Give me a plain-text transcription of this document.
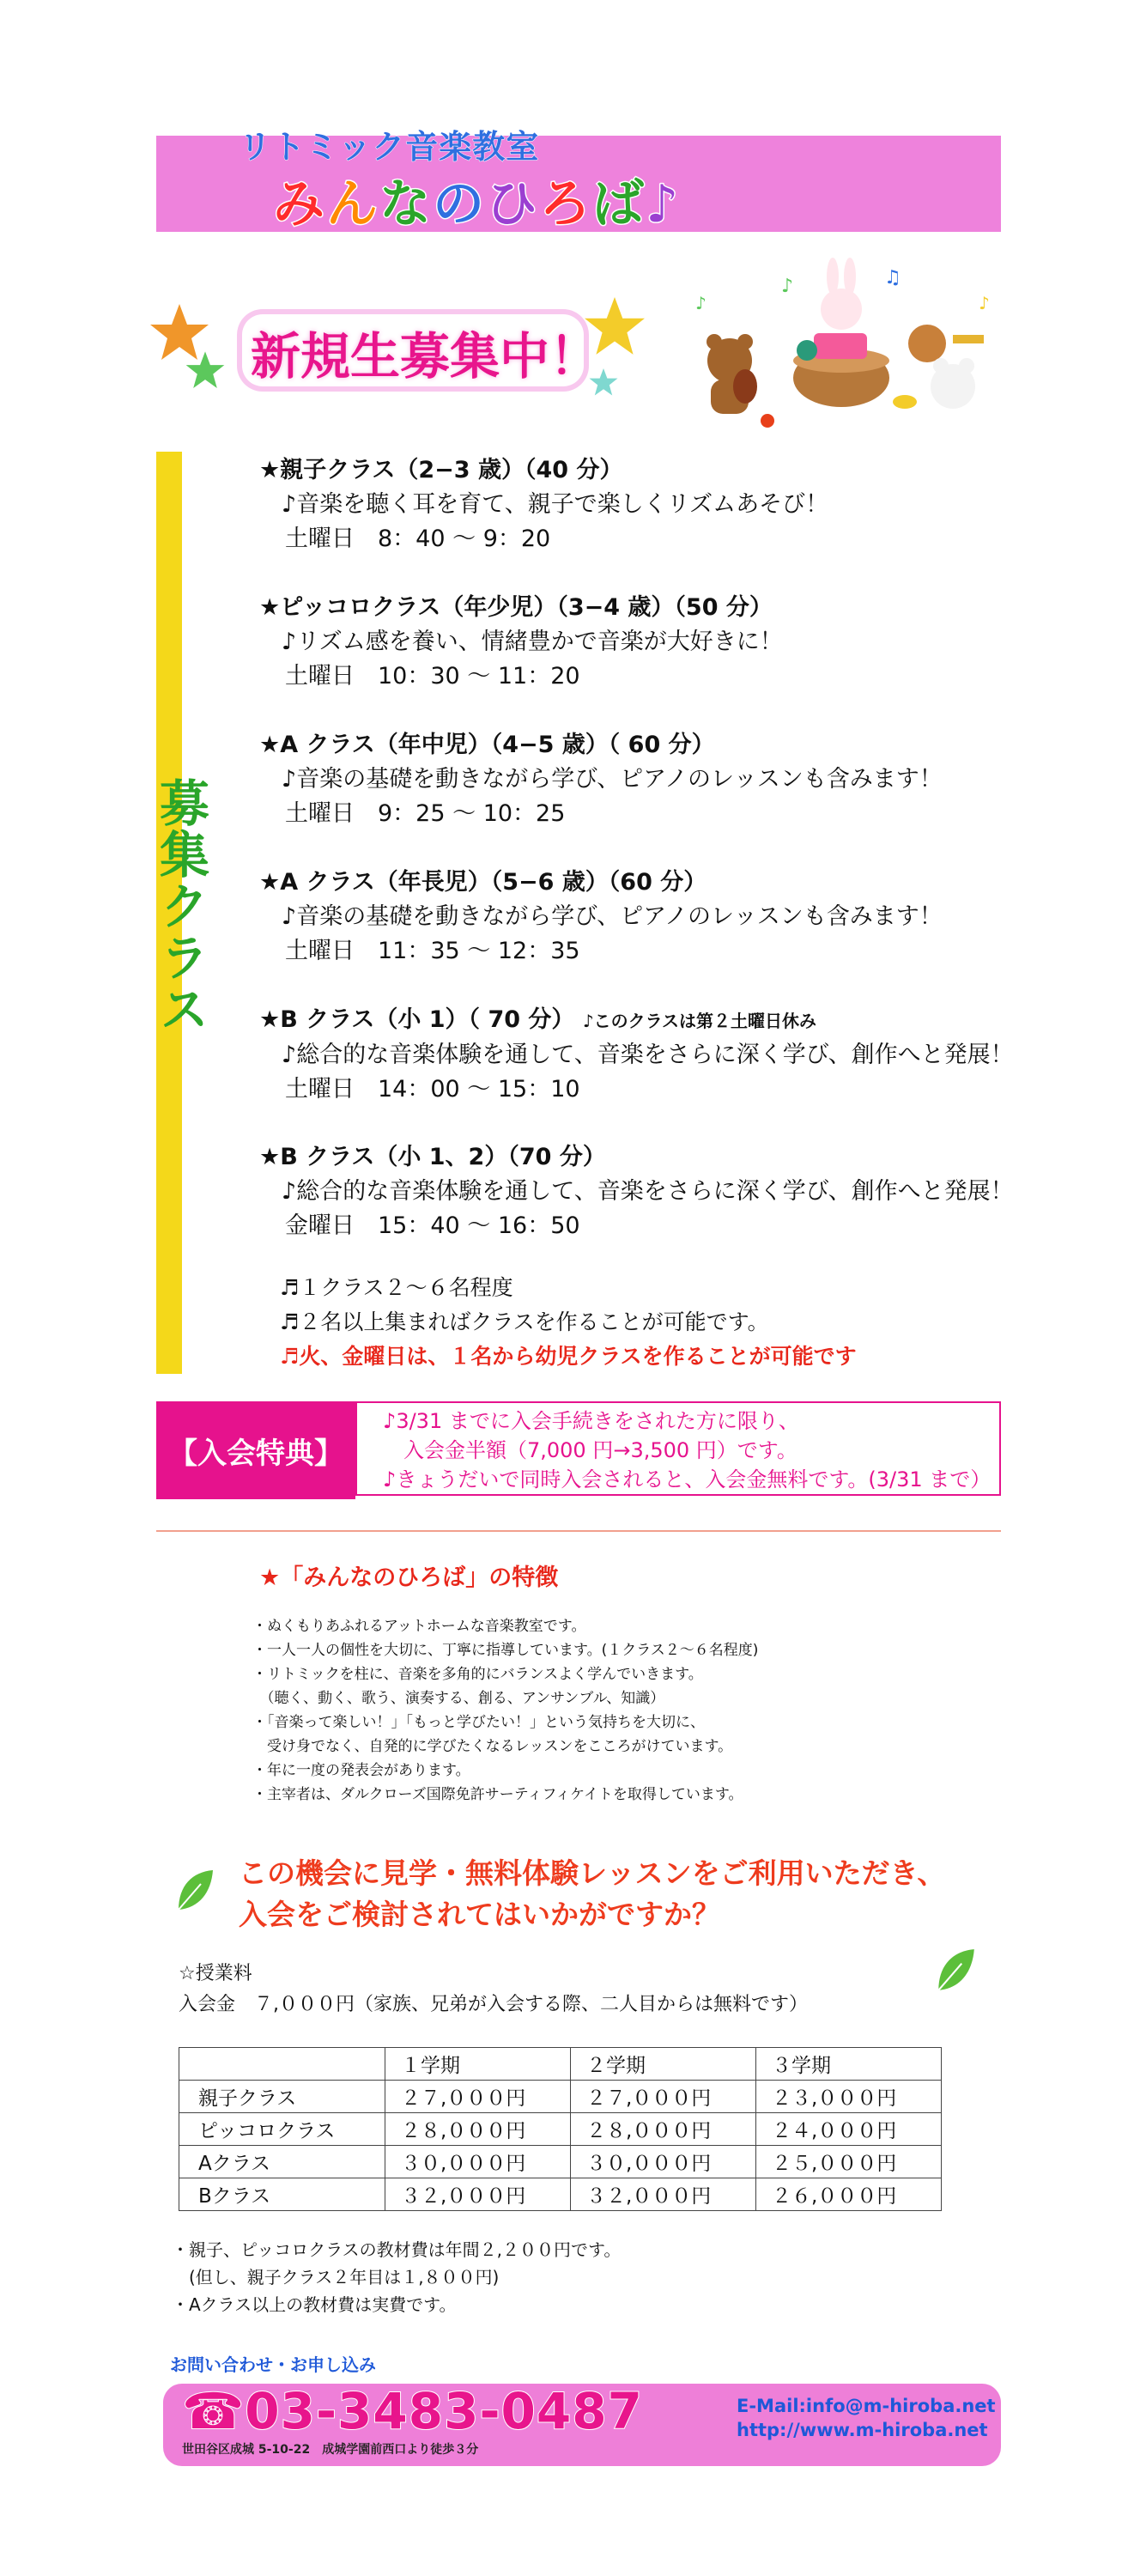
リトミック音楽教室
みんなのひろば♪
新規生募集中！
♪	♫
♪	♪
募集クラス
★親子クラス（2−3 歳）（40 分）
♪音楽を聴く耳を育て、親子で楽しくリズムあそび！
土曜日　8：40 〜 9：20
★ピッコロクラス（年少児）（3−4 歳）（50 分）
♪リズム感を養い、情緒豊かで音楽が大好きに！
土曜日　10：30 〜 11：20
★A クラス（年中児）（4−5 歳）（ 60 分）
♪音楽の基礎を動きながら学び、ピアノのレッスンも含みます！
土曜日　9：25 〜 10：25
★A クラス（年長児）（5−6 歳）（60 分）
♪音楽の基礎を動きながら学び、ピアノのレッスンも含みます！
土曜日　11：35 〜 12：35
★B クラス（小 1）（ 70 分） ♪このクラスは第２土曜日休み
♪総合的な音楽体験を通して、音楽をさらに深く学び、創作へと発展！
土曜日　14：00 〜 15：10
★B クラス（小 1、2）（70 分）
♪総合的な音楽体験を通して、音楽をさらに深く学び、創作へと発展！
金曜日　15：40 〜 16：50
♬１クラス２〜６名程度
♬２名以上集まればクラスを作ることが可能です。
♬火、金曜日は、１名から幼児クラスを作ることが可能です
【入会特典】
♪3/31 までに入会手続きをされた方に限り、
　入会金半額（7,000 円→3,500 円）です。
♪きょうだいで同時入会されると、入会金無料です。(3/31 まで）
★「みんなのひろば」の特徴
・ぬくもりあふれるアットホームな音楽教室です。
・一人一人の個性を大切に、丁寧に指導しています。(１クラス２〜６名程度)
・リトミックを柱に、音楽を多角的にバランスよく学んでいきます。
　（聴く、動く、歌う、演奏する、創る、アンサンブル、知識）
・「音楽って楽しい！」「もっと学びたい！」という気持ちを大切に、
　受け身でなく、自発的に学びたくなるレッスンをこころがけています。
・年に一度の発表会があります。
・主宰者は、ダルクローズ国際免許サーティフィケイトを取得しています。
この機会に見学・無料体験レッスンをご利用いただき、
入会をご検討されてはいかがですか？
☆授業料
入会金　７,０００円（家族、兄弟が入会する際、二人目からは無料です）
	１学期	２学期	３学期
親子クラス	２７,０００円	２７,０００円	２３,０００円
ピッコロクラス	２８,０００円	２８,０００円	２４,０００円
Aクラス	３０,０００円	３０,０００円	２５,０００円
Bクラス	３２,０００円	３２,０００円	２６,０００円
・親子、ピッコロクラスの教材費は年間２,２００円です。
　(但し、親子クラス２年目は１,８００円)
・Aクラス以上の教材費は実費です。
お問い合わせ・お申し込み
☎03-3483-0487
世田谷区成城 5-10-22　成城学園前西口より徒歩３分
E-Mail:info@m-hiroba.net
http://www.m-hiroba.net
